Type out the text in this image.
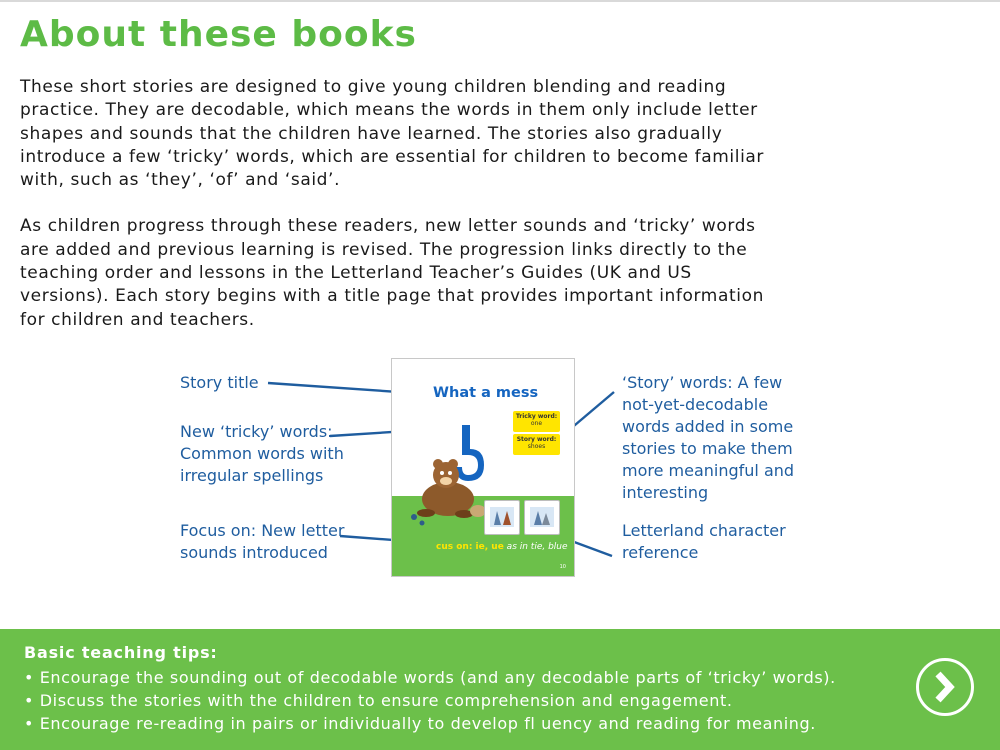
About these books

These short stories are designed to give young children blending and reading practice. They are decodable, which means the words in them only include letter shapes and sounds that the children have learned. The stories also gradually introduce a few ‘tricky’ words, which are essential for children to become familiar with, such as ‘they’, ‘of’ and ‘said’.

As children progress through these readers, new letter sounds and ‘tricky’ words are added and previous learning is revised. The progression links directly to the teaching order and lessons in the Letterland Teacher’s Guides (UK and US versions). Each story begins with a title page that provides important information for children and teachers.

Story title
New ‘tricky’ words:
Common words with
irregular spellings
Focus on: New letter
sounds introduced
‘Story’ words: A few
not-yet-decodable
words added in some
stories to make them
more meaningful and
interesting
Letterland character
reference
What a mess
Tricky word:
one
Story word:
shoes
cus on: ie, ue as in tie, blue
10
Basic teaching tips:
• Encourage the sounding out of decodable words (and any decodable parts of ‘tricky’ words).
• Discuss the stories with the children to ensure comprehension and engagement.
• Encourage re-reading in pairs or individually to develop fl uency and reading for meaning.
